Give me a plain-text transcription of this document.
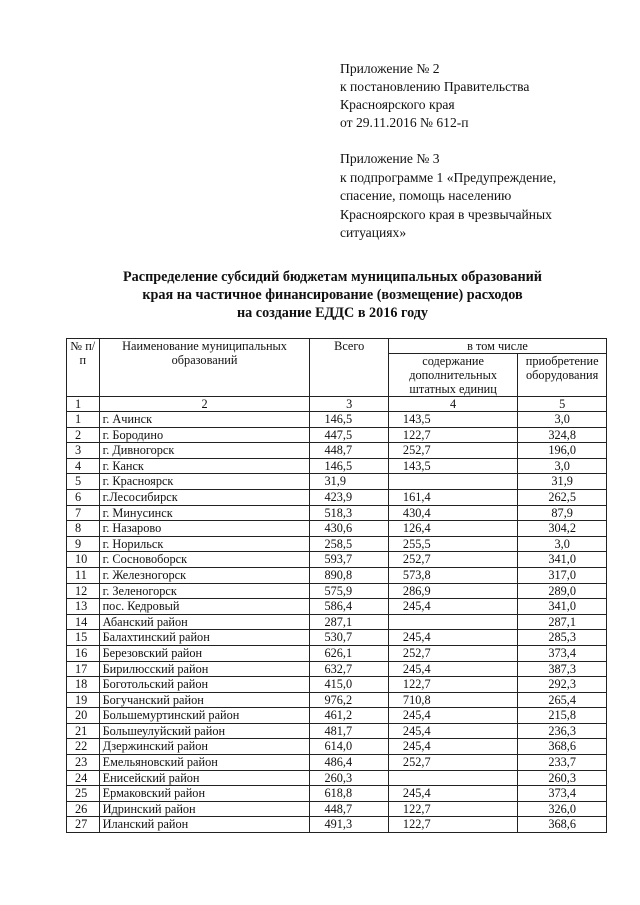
Приложение № 2
к постановлению Правительства
Красноярского края
от 29.11.2016 № 612-п
Приложение № 3
к подпрограмме 1 «Предупреждение,
спасение, помощь населению
Красноярского края в чрезвычайных
ситуациях»
Распределение субсидий бюджетам муниципальных образований
края на частичное финансирование (возмещение) расходов
на создание ЕДДС в 2016 году
№ п/п	Наименование муниципальных образований	Всего	в том числе	
			содержание дополнительных штатных единиц	приобретение оборудования
1	2	3	4	5
1	г. Ачинск	146,5	143,5	3,0
2	г. Бородино	447,5	122,7	324,8
3	г. Дивногорск	448,7	252,7	196,0
4	г. Канск	146,5	143,5	3,0
5	г. Красноярск	31,9		31,9
6	г.Лесосибирск	423,9	161,4	262,5
7	г. Минусинск	518,3	430,4	87,9
8	г. Назарово	430,6	126,4	304,2
9	г. Норильск	258,5	255,5	3,0
10	г. Сосновоборск	593,7	252,7	341,0
11	г. Железногорск	890,8	573,8	317,0
12	г. Зеленогорск	575,9	286,9	289,0
13	пос. Кедровый	586,4	245,4	341,0
14	Абанский район	287,1		287,1
15	Балахтинский район	530,7	245,4	285,3
16	Березовский район	626,1	252,7	373,4
17	Бирилюсский район	632,7	245,4	387,3
18	Боготольский район	415,0	122,7	292,3
19	Богучанский район	976,2	710,8	265,4
20	Большемуртинский район	461,2	245,4	215,8
21	Большеулуйский район	481,7	245,4	236,3
22	Дзержинский район	614,0	245,4	368,6
23	Емельяновский район	486,4	252,7	233,7
24	Енисейский район	260,3		260,3
25	Ермаковский район	618,8	245,4	373,4
26	Идринский район	448,7	122,7	326,0
27	Иланский район	491,3	122,7	368,6
